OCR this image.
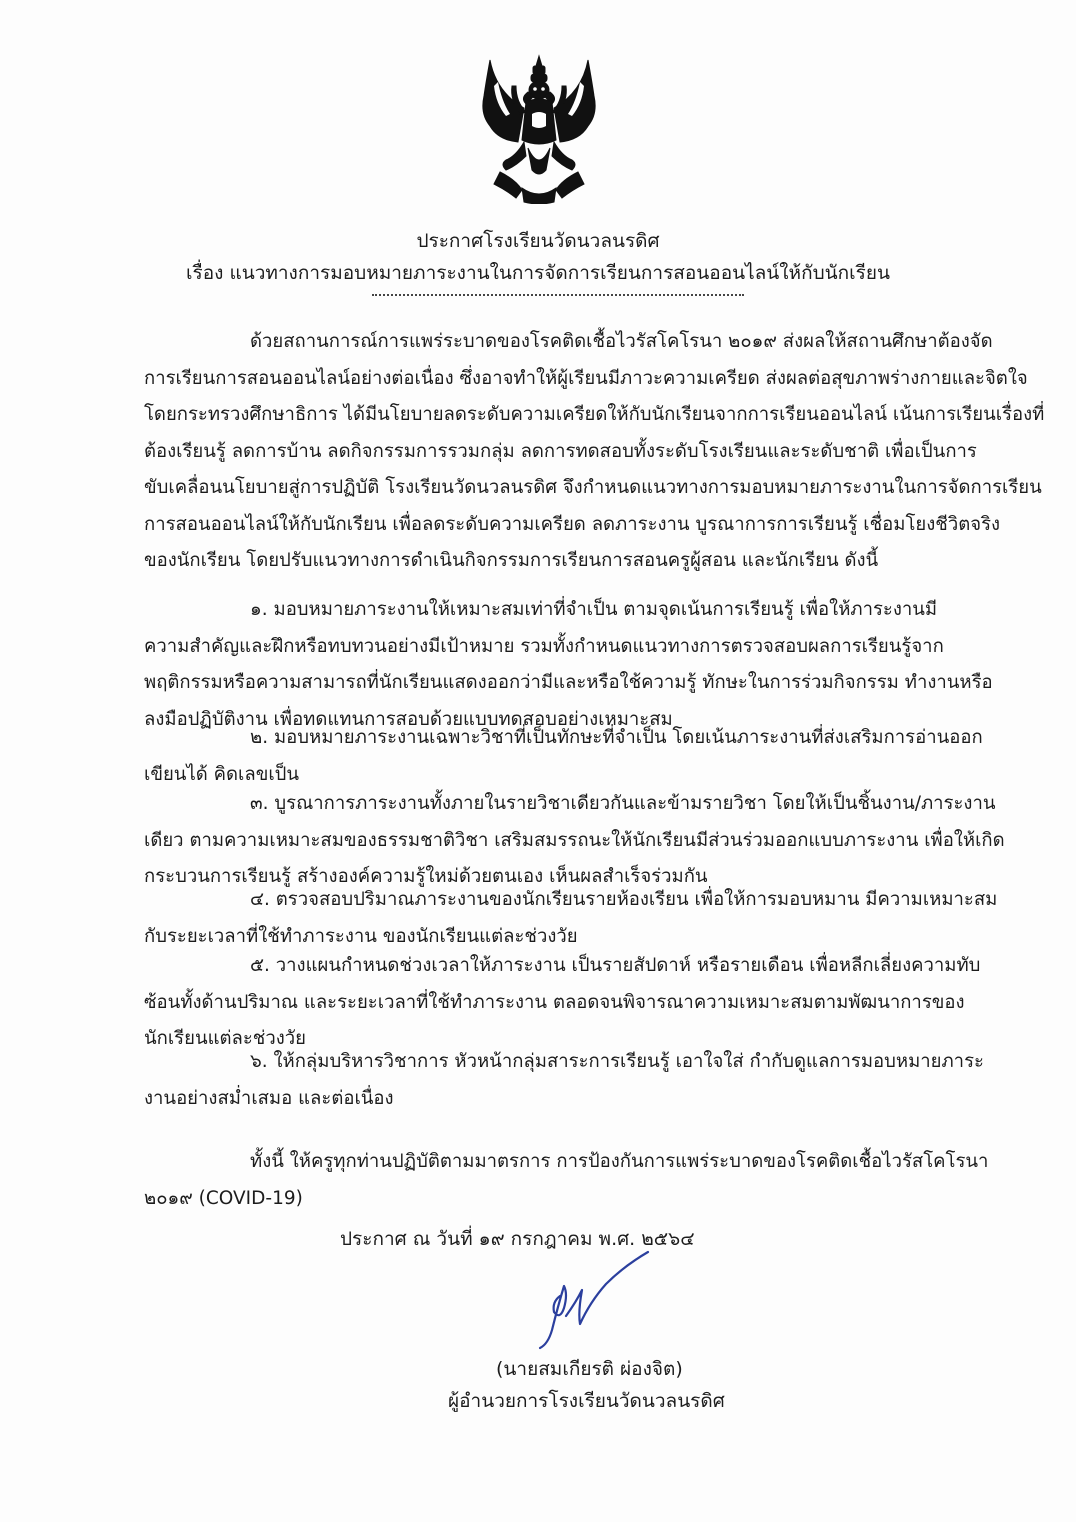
ประกาศโรงเรียนวัดนวลนรดิศ
เรื่อง แนวทางการมอบหมายภาระงานในการจัดการเรียนการสอนออนไลน์ให้กับนักเรียน
ด้วยสถานการณ์การแพร่ระบาดของโรคติดเชื้อไวรัสโคโรนา ๒๐๑๙ ส่งผลให้สถานศึกษาต้องจัด
การเรียนการสอนออนไลน์อย่างต่อเนื่อง ซึ่งอาจทำให้ผู้เรียนมีภาวะความเครียด ส่งผลต่อสุขภาพร่างกายและจิตใจ
โดยกระทรวงศึกษาธิการ ได้มีนโยบายลดระดับความเครียดให้กับนักเรียนจากการเรียนออนไลน์ เน้นการเรียนเรื่องที่
ต้องเรียนรู้ ลดการบ้าน ลดกิจกรรมการรวมกลุ่ม ลดการทดสอบทั้งระดับโรงเรียนและระดับชาติ เพื่อเป็นการ
ขับเคลื่อนนโยบายสู่การปฏิบัติ โรงเรียนวัดนวลนรดิศ จึงกำหนดแนวทางการมอบหมายภาระงานในการจัดการเรียน
การสอนออนไลน์ให้กับนักเรียน เพื่อลดระดับความเครียด ลดภาระงาน บูรณาการการเรียนรู้ เชื่อมโยงชีวิตจริง
ของนักเรียน โดยปรับแนวทางการดำเนินกิจกรรมการเรียนการสอนครูผู้สอน และนักเรียน ดังนี้
๑. มอบหมายภาระงานให้เหมาะสมเท่าที่จำเป็น ตามจุดเน้นการเรียนรู้ เพื่อให้ภาระงานมี
ความสำคัญและฝึกหรือทบทวนอย่างมีเป้าหมาย รวมทั้งกำหนดแนวทางการตรวจสอบผลการเรียนรู้จาก
พฤติกรรมหรือความสามารถที่นักเรียนแสดงออกว่ามีและหรือใช้ความรู้ ทักษะในการร่วมกิจกรรม ทำงานหรือ
ลงมือปฏิบัติงาน เพื่อทดแทนการสอบด้วยแบบทดสอบอย่างเหมาะสม
๒. มอบหมายภาระงานเฉพาะวิชาที่เป็นทักษะที่จำเป็น โดยเน้นภาระงานที่ส่งเสริมการอ่านออก
เขียนได้ คิดเลขเป็น
๓. บูรณาการภาระงานทั้งภายในรายวิชาเดียวกันและข้ามรายวิชา โดยให้เป็นชิ้นงาน/ภาระงาน
เดียว ตามความเหมาะสมของธรรมชาติวิชา เสริมสมรรถนะให้นักเรียนมีส่วนร่วมออกแบบภาระงาน เพื่อให้เกิด
กระบวนการเรียนรู้ สร้างองค์ความรู้ใหม่ด้วยตนเอง เห็นผลสำเร็จร่วมกัน
๔. ตรวจสอบปริมาณภาระงานของนักเรียนรายห้องเรียน เพื่อให้การมอบหมาน มีความเหมาะสม
กับระยะเวลาที่ใช้ทำภาระงาน ของนักเรียนแต่ละช่วงวัย
๕. วางแผนกำหนดช่วงเวลาให้ภาระงาน เป็นรายสัปดาห์ หรือรายเดือน เพื่อหลีกเลี่ยงความทับ
ซ้อนทั้งด้านปริมาณ และระยะเวลาที่ใช้ทำภาระงาน ตลอดจนพิจารณาความเหมาะสมตามพัฒนาการของ
นักเรียนแต่ละช่วงวัย
๖. ให้กลุ่มบริหารวิชาการ หัวหน้ากลุ่มสาระการเรียนรู้ เอาใจใส่ กำกับดูแลการมอบหมายภาระ
งานอย่างสม่ำเสมอ และต่อเนื่อง
ทั้งนี้ ให้ครูทุกท่านปฏิบัติตามมาตรการ การป้องกันการแพร่ระบาดของโรคติดเชื้อไวรัสโคโรนา
๒๐๑๙ (COVID-19)
ประกาศ ณ วันที่ ๑๙ กรกฎาคม พ.ศ. ๒๕๖๔
(นายสมเกียรติ ผ่องจิต)
ผู้อำนวยการโรงเรียนวัดนวลนรดิศ
